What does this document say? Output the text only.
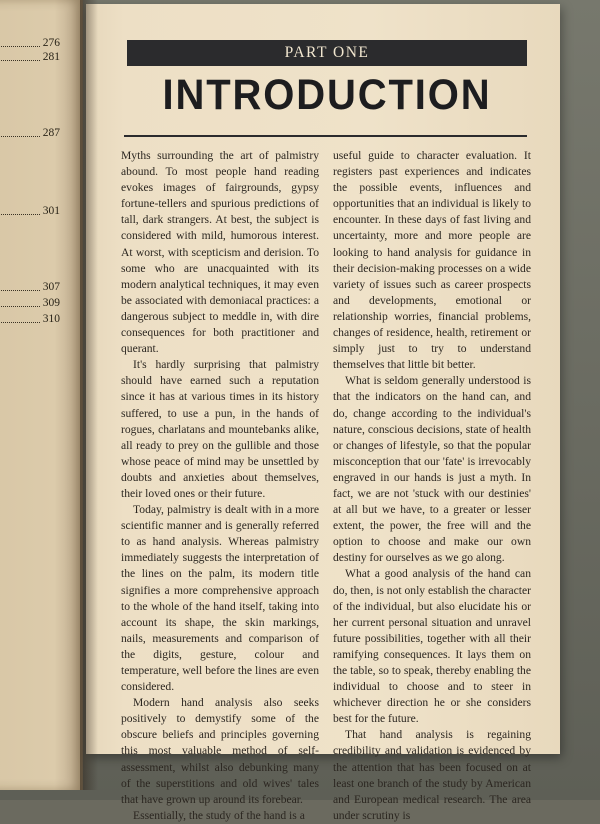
276
281
287
301
307
309
310
PART ONE
INTRODUCTION

Myths surrounding the art of palmistry abound. To most people hand reading evokes images of fairgrounds, gypsy fortune-tellers and spurious predictions of tall, dark strangers. At best, the subject is considered with mild, humorous interest. At worst, with scepticism and derision. To some who are unacquainted with its modern analytical techniques, it may even be associated with demoniacal practices: a dangerous subject to meddle in, with dire consequences for both practitioner and querant.

It's hardly surprising that palmistry should have earned such a reputation since it has at various times in its history suffered, to use a pun, in the hands of rogues, charlatans and mountebanks alike, all ready to prey on the gullible and those whose peace of mind may be unsettled by doubts and anxieties about themselves, their loved ones or their future.

Today, palmistry is dealt with in a more scientific manner and is generally referred to as hand analysis. Whereas palmistry immediately suggests the interpretation of the lines on the palm, its modern title signifies a more comprehensive approach to the whole of the hand itself, taking into account its shape, the skin markings, nails, measurements and comparison of the digits, gesture, colour and temperature, well before the lines are even considered.

Modern hand analysis also seeks positively to demystify some of the obscure beliefs and principles governing this most valuable method of self-assessment, whilst also debunking many of the superstitions and old wives' tales that have grown up around its forebear.

Essentially, the study of the hand is a

useful guide to character evaluation. It registers past experiences and indicates the possible events, influences and opportunities that an individual is likely to encounter. In these days of fast living and uncertainty, more and more people are looking to hand analysis for guidance in their decision-making processes on a wide variety of issues such as career prospects and developments, emotional or relationship worries, financial problems, changes of residence, health, retirement or simply just to try to understand themselves that little bit better.

What is seldom generally understood is that the indicators on the hand can, and do, change according to the individual's nature, conscious decisions, state of health or changes of lifestyle, so that the popular misconception that our 'fate' is irrevocably engraved in our hands is just a myth. In fact, we are not 'stuck with our destinies' at all but we have, to a greater or lesser extent, the power, the free will and the option to choose and make our own destiny for ourselves as we go along.

What a good analysis of the hand can do, then, is not only establish the character of the individual, but also elucidate his or her current personal situation and unravel future possibilities, together with all their ramifying consequences. It lays them on the table, so to speak, thereby enabling the individual to choose and to steer in whichever direction he or she considers best for the future.

That hand analysis is regaining credibility and validation is evidenced by the attention that has been focused on at least one branch of the study by American and European medical research. The area under scrutiny is
